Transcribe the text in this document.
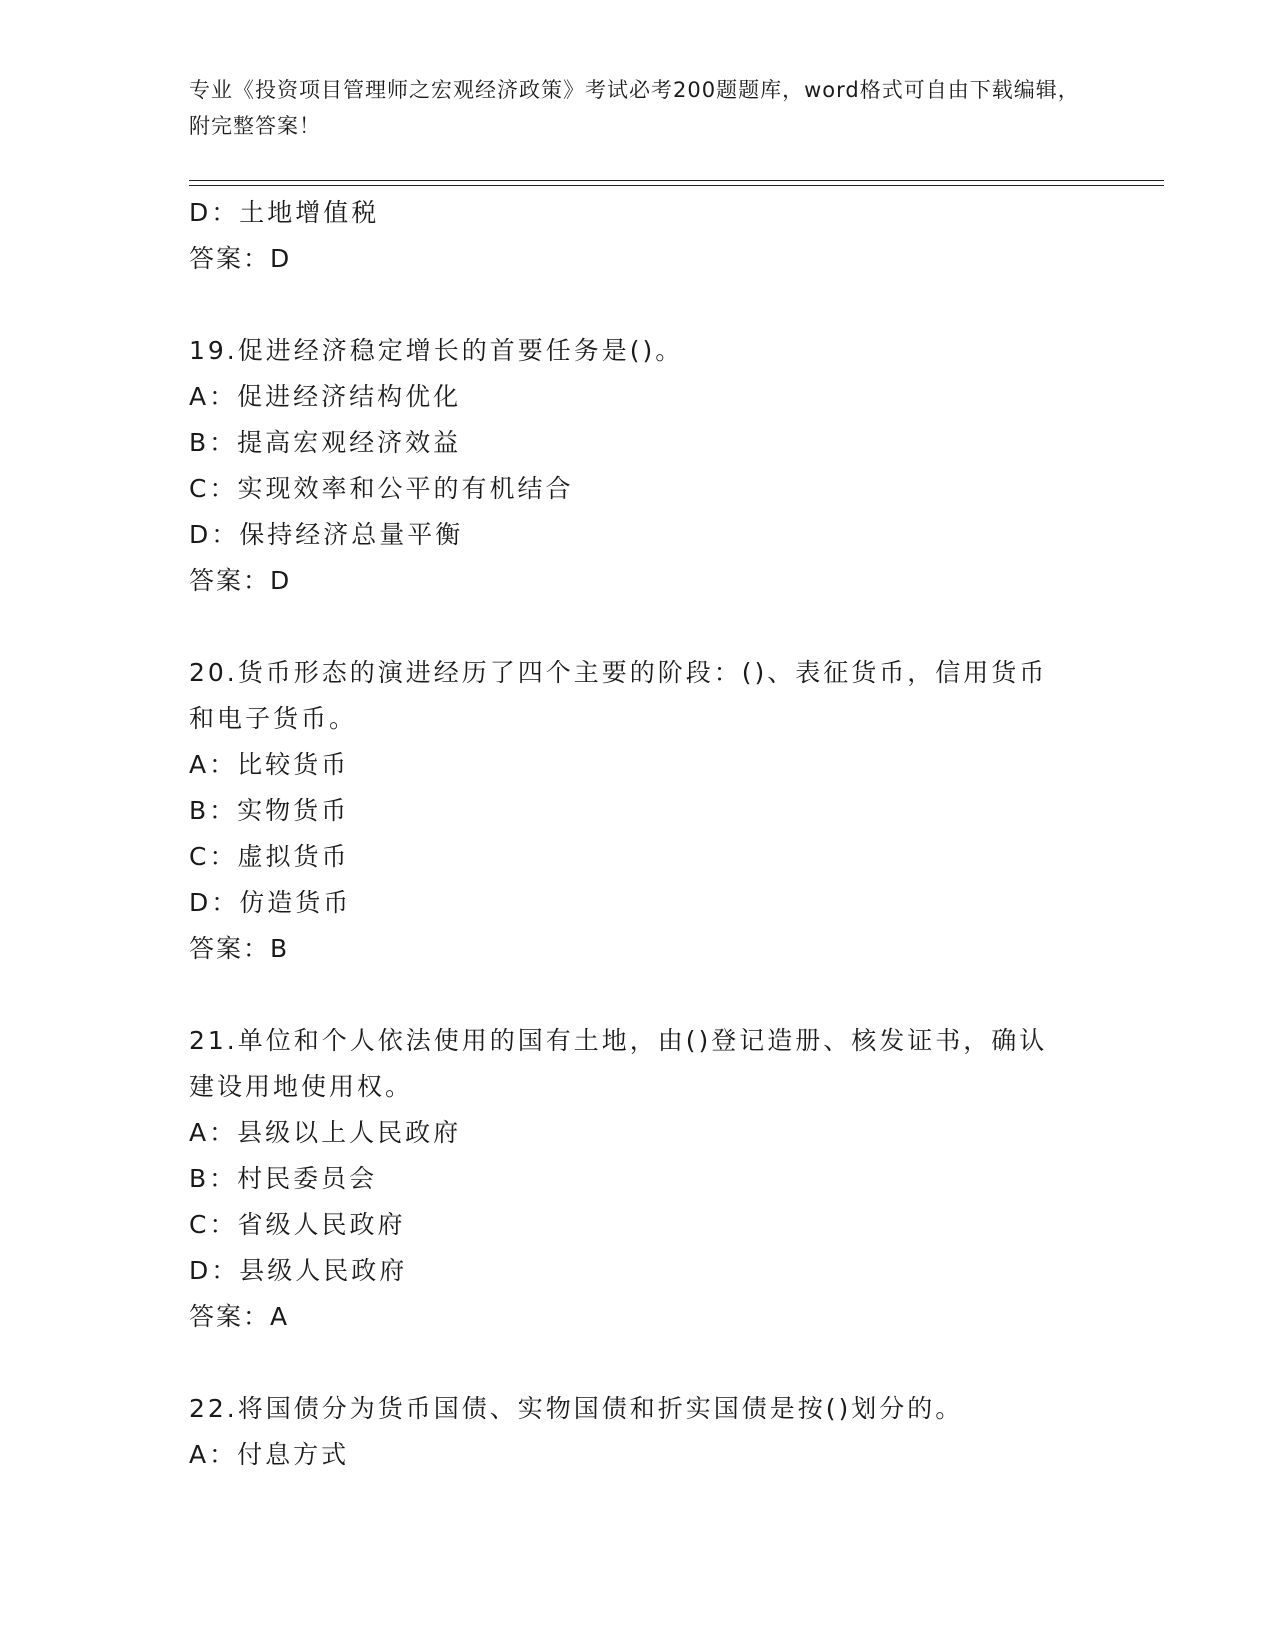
专业《投资项目管理师之宏观经济政策》考试必考200题题库，word格式可自由下载编辑，附完整答案！
D：土地增值税
答案：D
19.促进经济稳定增长的首要任务是()。
A：促进经济结构优化
B：提高宏观经济效益
C：实现效率和公平的有机结合
D：保持经济总量平衡
答案：D
20.货币形态的演进经历了四个主要的阶段：()、表征货币，信用货币
和电子货币。
A：比较货币
B：实物货币
C：虚拟货币
D：仿造货币
答案：B
21.单位和个人依法使用的国有土地，由()登记造册、核发证书，确认
建设用地使用权。
A：县级以上人民政府
B：村民委员会
C：省级人民政府
D：县级人民政府
答案：A
22.将国债分为货币国债、实物国债和折实国债是按()划分的。
A：付息方式
